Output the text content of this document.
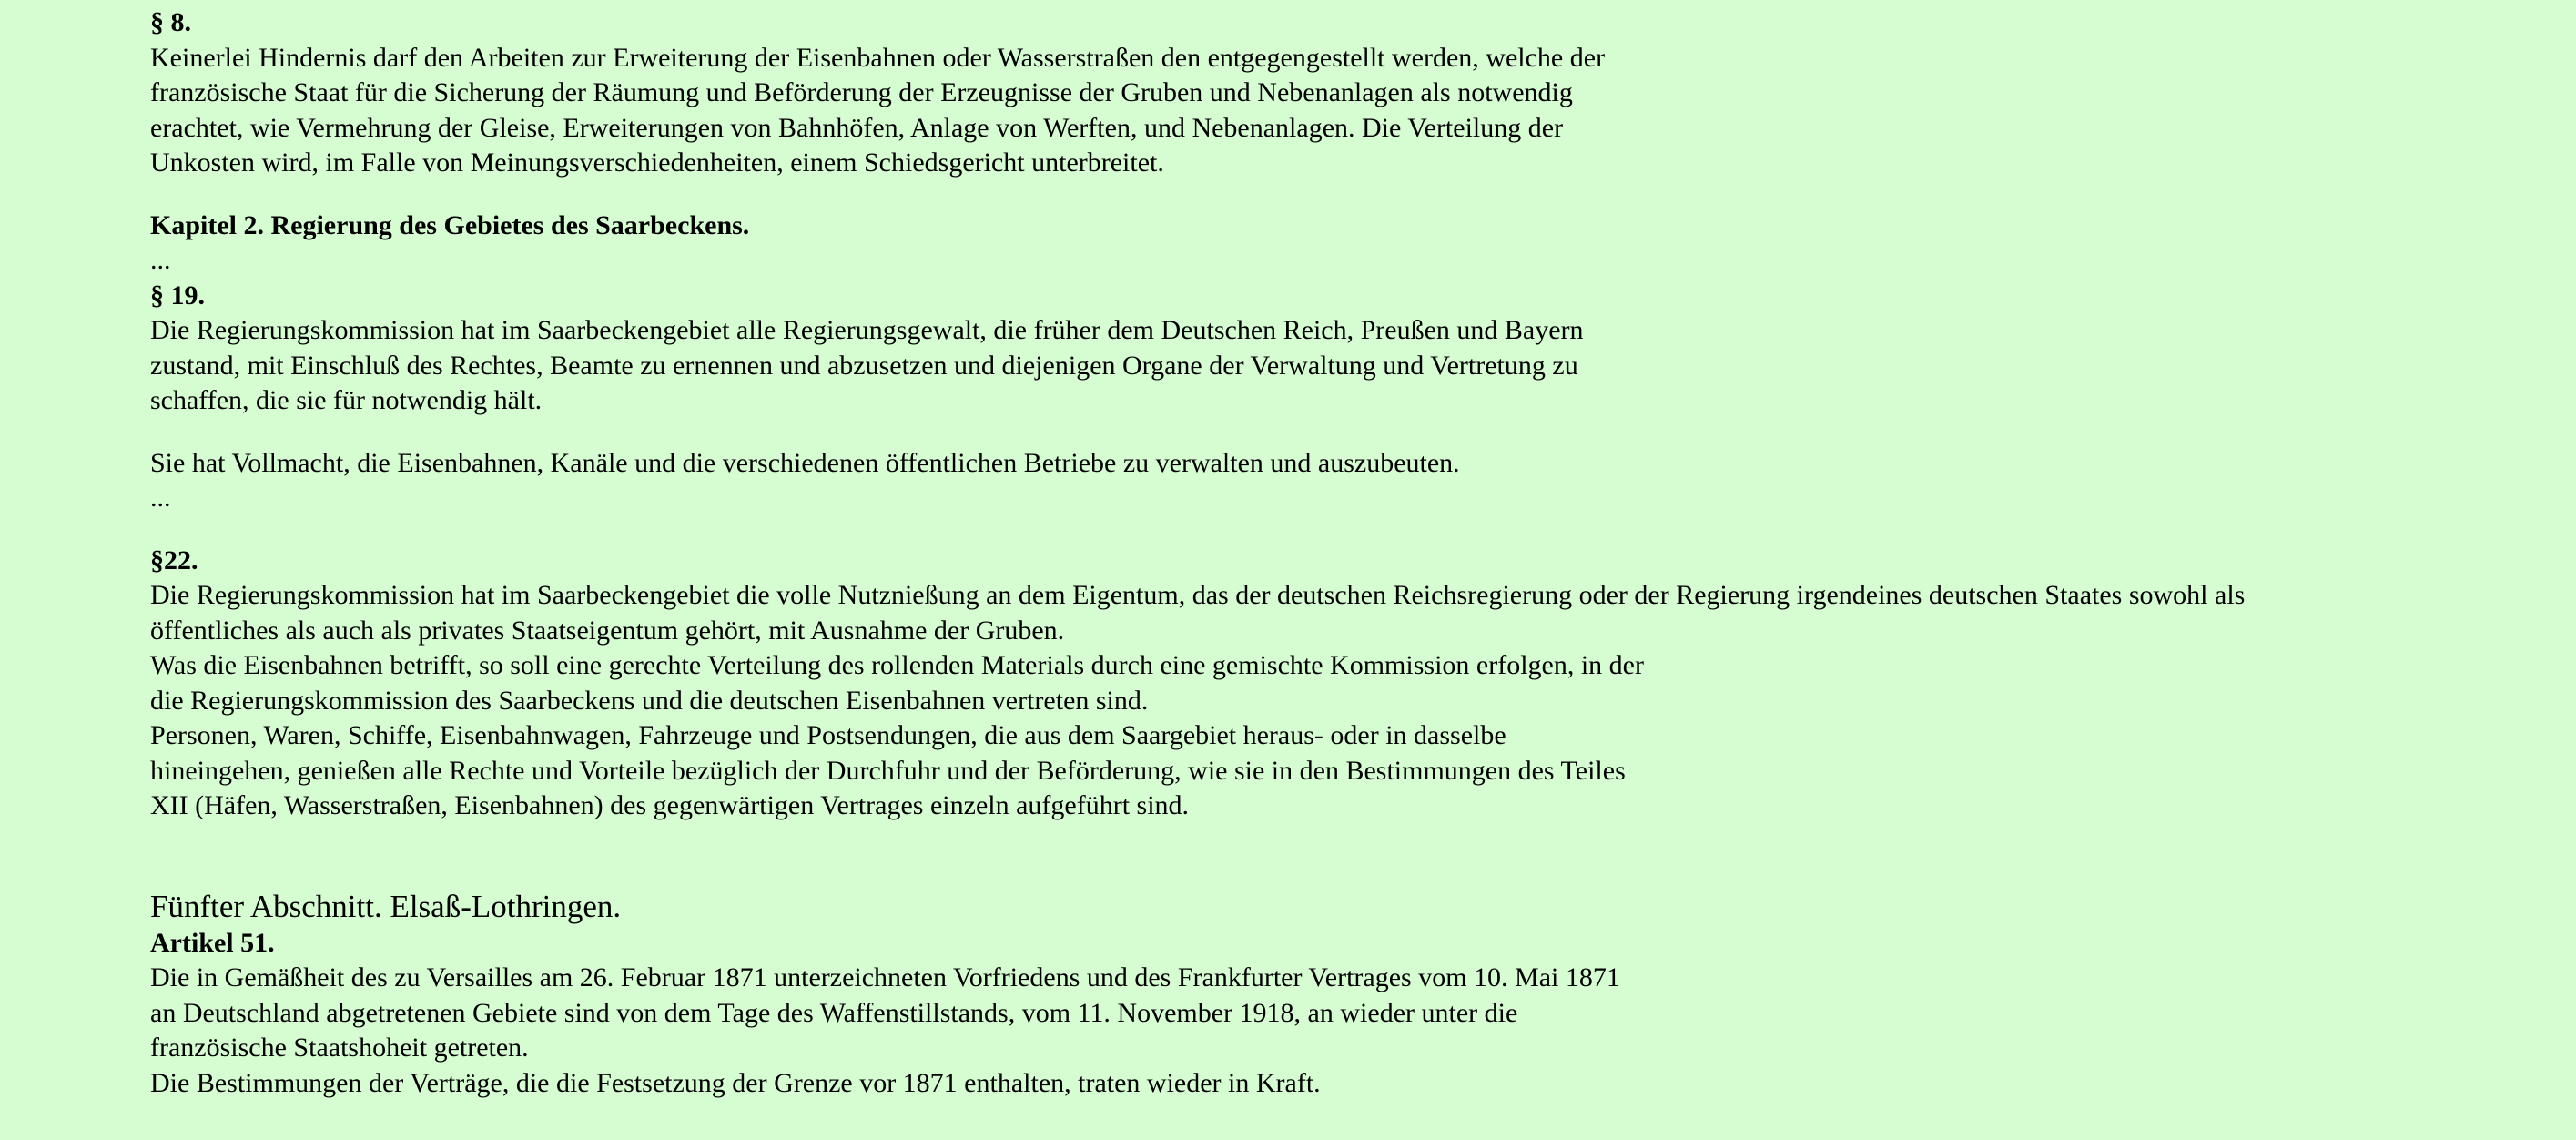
§ 8.

Keinerlei Hindernis darf den Arbeiten zur Erweiterung der Eisenbahnen oder Wasserstraßen den entgegengestellt werden, welche der
französische Staat für die Sicherung der Räumung und Beförderung der Erzeugnisse der Gruben und Nebenanlagen als notwendig
erachtet, wie Vermehrung der Gleise, Erweiterungen von Bahnhöfen, Anlage von Werften, und Nebenanlagen. Die Verteilung der
Unkosten wird, im Falle von Meinungsverschiedenheiten, einem Schiedsgericht unterbreitet.

Kapitel 2. Regierung des Gebietes des Saarbeckens.

...

§ 19.

Die Regierungskommission hat im Saarbeckengebiet alle Regierungsgewalt, die früher dem Deutschen Reich, Preußen und Bayern
zustand, mit Einschluß des Rechtes, Beamte zu ernennen und abzusetzen und diejenigen Organe der Verwaltung und Vertretung zu
schaffen, die sie für notwendig hält.

Sie hat Vollmacht, die Eisenbahnen, Kanäle und die verschiedenen öffentlichen Betriebe zu verwalten und auszubeuten.

...

§22.

Die Regierungskommission hat im Saarbeckengebiet die volle Nutznießung an dem Eigentum, das der deutschen Reichsregierung oder der Regierung irgendeines deutschen Staates sowohl als
öffentliches als auch als privates Staatseigentum gehört, mit Ausnahme der Gruben.
Was die Eisenbahnen betrifft, so soll eine gerechte Verteilung des rollenden Materials durch eine gemischte Kommission erfolgen, in der
die Regierungskommission des Saarbeckens und die deutschen Eisenbahnen vertreten sind.
Personen, Waren, Schiffe, Eisenbahnwagen, Fahrzeuge und Postsendungen, die aus dem Saargebiet heraus- oder in dasselbe
hineingehen, genießen alle Rechte und Vorteile bezüglich der Durchfuhr und der Beförderung, wie sie in den Bestimmungen des Teiles
XII (Häfen, Wasserstraßen, Eisenbahnen) des gegenwärtigen Vertrages einzeln aufgeführt sind.

Fünfter Abschnitt. Elsaß-Lothringen.

Artikel 51.

Die in Gemäßheit des zu Versailles am 26. Februar 1871 unterzeichneten Vorfriedens und des Frankfurter Vertrages vom 10. Mai 1871
an Deutschland abgetretenen Gebiete sind von dem Tage des Waffenstillstands, vom 11. November 1918, an wieder unter die
französische Staatshoheit getreten.
Die Bestimmungen der Verträge, die die Festsetzung der Grenze vor 1871 enthalten, traten wieder in Kraft.
